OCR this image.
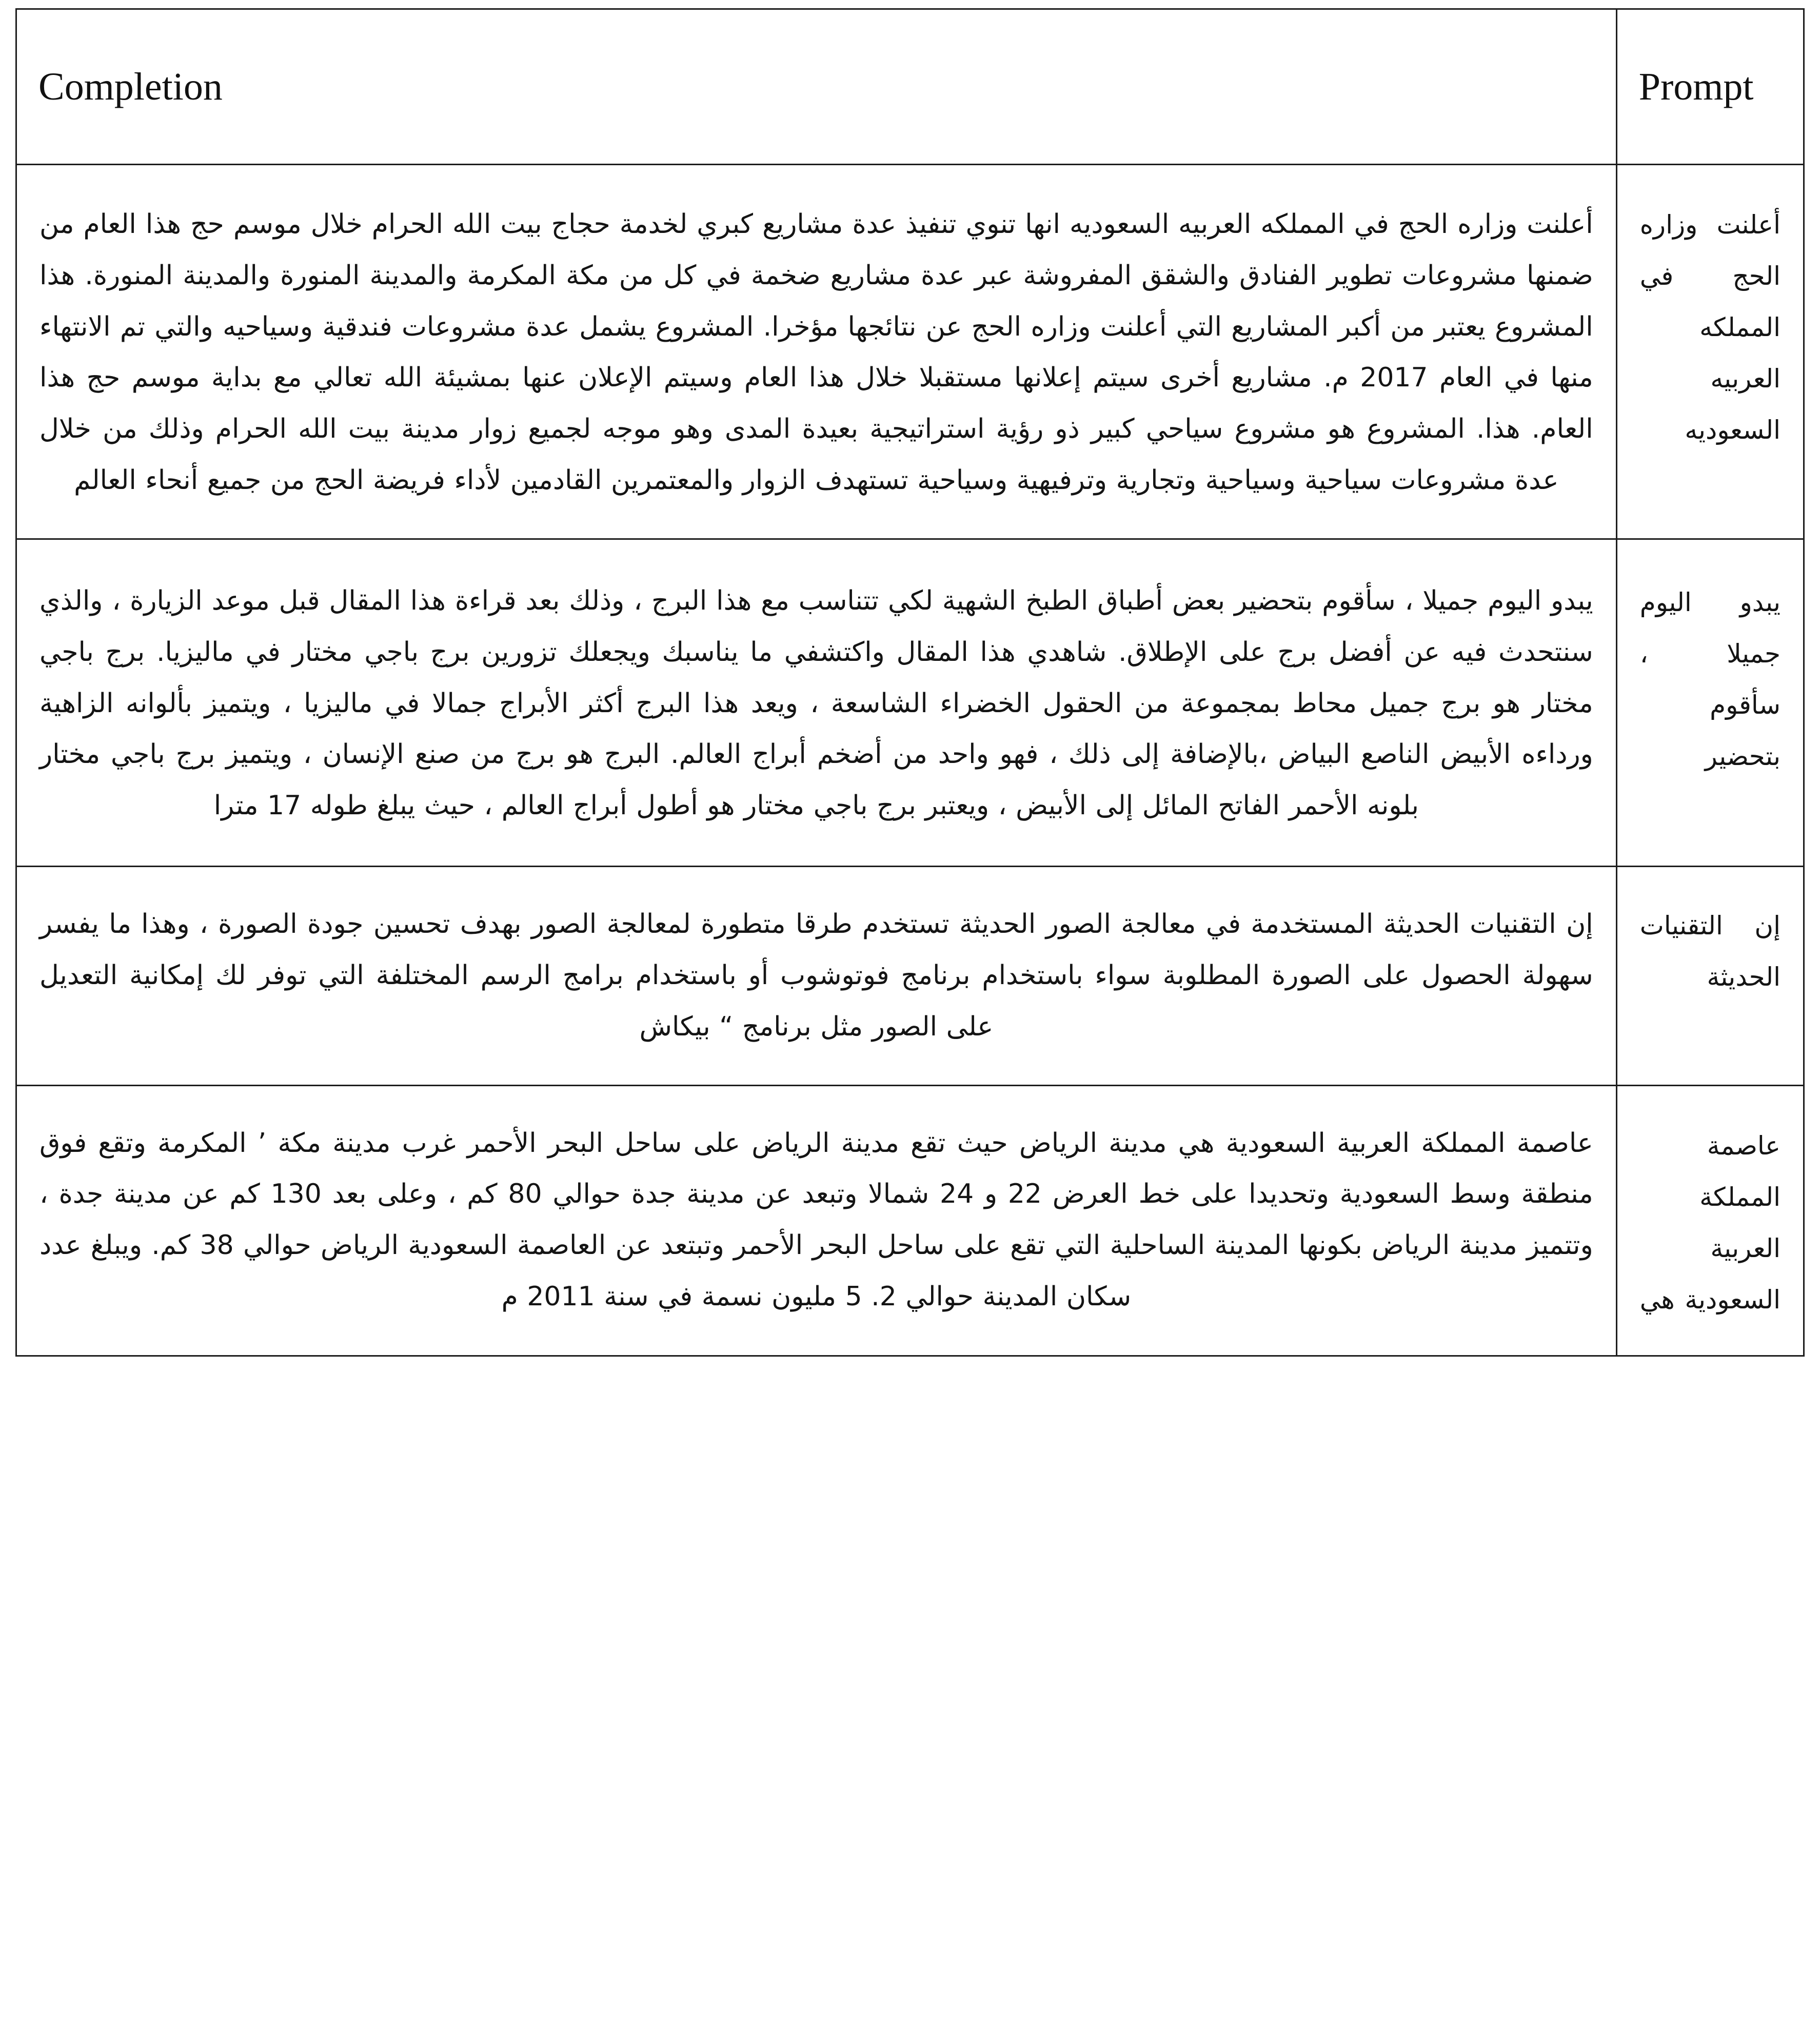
Completion	Prompt

أعلنت وزاره الحج في المملكه العربيه السعوديه انها تنوي تنفيذ عدة مشاريع كبري لخدمة حجاج بيت الله الحرام خلال موسم حج هذا العام من ضمنها مشروعات تطوير الفنادق والشقق المفروشة عبر عدة مشاريع ضخمة في كل من مكة المكرمة والمدينة المنورة والمدينة المنورة. هذا المشروع يعتبر من أكبر المشاريع التي أعلنت وزاره الحج عن نتائجها مؤخرا. المشروع يشمل عدة مشروعات فندقية وسياحيه والتي تم الانتهاء منها في العام 2017 م. مشاريع أخرى سيتم إعلانها مستقبلا خلال هذا العام وسيتم الإعلان عنها بمشيئة الله تعالي مع بداية موسم حج هذا العام. هذا. المشروع هو مشروع سياحي كبير ذو رؤية استراتيجية بعيدة المدى وهو موجه لجميع زوار مدينة بيت الله الحرام وذلك من خلال عدة مشروعات سياحية وسياحية وتجارية وترفيهية وسياحية تستهدف الزوار والمعتمرين القادمين لأداء فريضة الحج من جميع أنحاء العالم	أعلنت وزاره الحج في المملكه العربيه السعوديه

يبدو اليوم جميلا ، سأقوم بتحضير بعض أطباق الطبخ الشهية لكي تتناسب مع هذا البرج ، وذلك بعد قراءة هذا المقال قبل موعد الزيارة ، والذي سنتحدث فيه عن أفضل برج على الإطلاق. شاهدي هذا المقال واكتشفي ما يناسبك ويجعلك تزورين برج باجي مختار في ماليزيا. برج باجي مختار هو برج جميل محاط بمجموعة من الحقول الخضراء الشاسعة ، ويعد هذا البرج أكثر الأبراج جمالا في ماليزيا ، ويتميز بألوانه الزاهية ورداءه الأبيض الناصع البياض ،بالإضافة إلى ذلك ، فهو واحد من أضخم أبراج العالم. البرج هو برج من صنع الإنسان ، ويتميز برج باجي مختار بلونه الأحمر الفاتح المائل إلى الأبيض ، ويعتبر برج باجي مختار هو أطول أبراج العالم ، حيث يبلغ طوله 17 مترا	يبدو اليوم جميلا ، سأقوم بتحضير

إن التقنيات الحديثة المستخدمة في معالجة الصور الحديثة تستخدم طرقا متطورة لمعالجة الصور بهدف تحسين جودة الصورة ، وهذا ما يفسر سهولة الحصول على الصورة المطلوبة سواء باستخدام برنامج فوتوشوب أو باستخدام برامج الرسم المختلفة التي توفر لك إمكانية التعديل على الصور مثل برنامج “ بيكاش	إن التقنيات الحديثة

عاصمة المملكة العربية السعودية هي مدينة الرياض حيث تقع مدينة الرياض على ساحل البحر الأحمر غرب مدينة مكة ٬ المكرمة وتقع فوق منطقة وسط السعودية وتحديدا على خط العرض 22 و 24 شمالا وتبعد عن مدينة جدة حوالي 80 كم ، وعلى بعد 130 كم عن مدينة جدة ، وتتميز مدينة الرياض بكونها المدينة الساحلية التي تقع على ساحل البحر الأحمر وتبتعد عن العاصمة السعودية الرياض حوالي 38 كم. ويبلغ عدد سكان المدينة حوالي 2. 5 مليون نسمة في سنة 2011 م	عاصمة المملكة العربية السعودية هي
